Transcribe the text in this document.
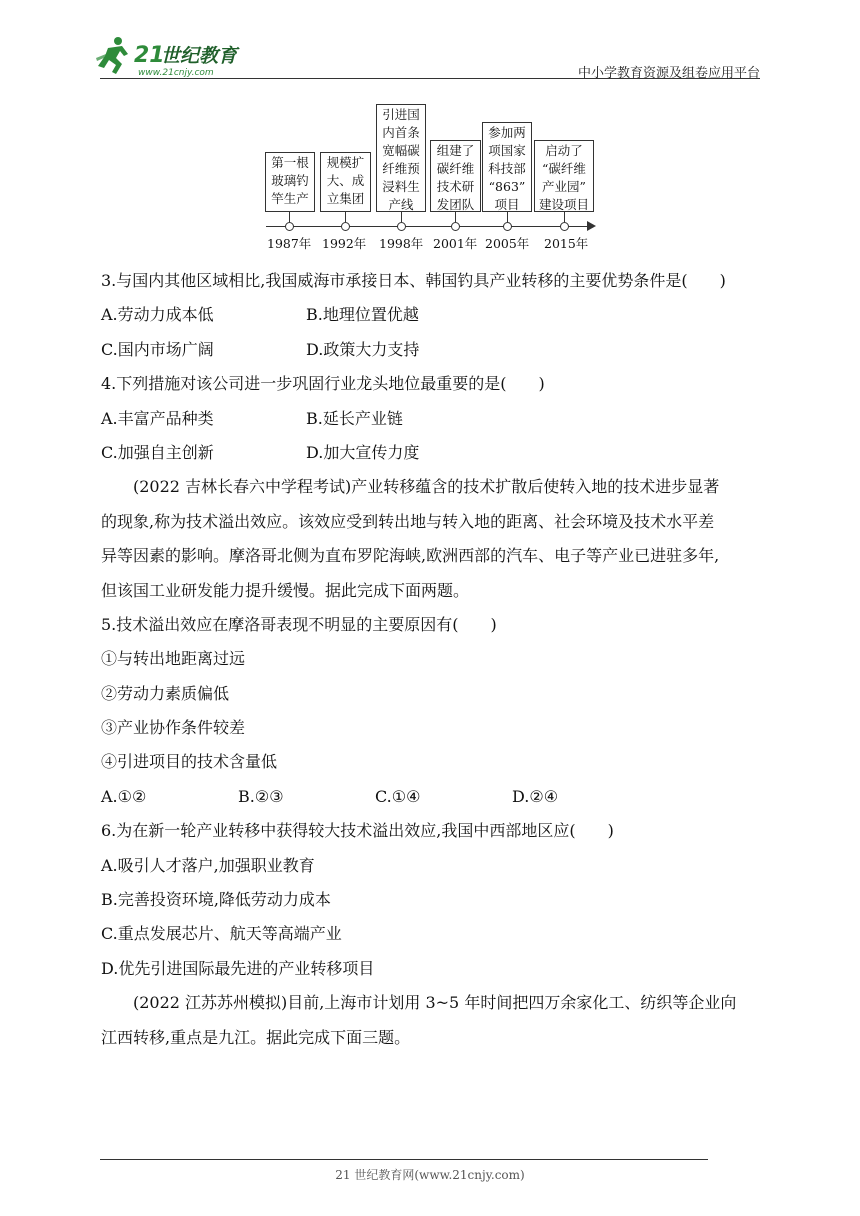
21
世纪教育
www.21cnjy.com	中小学教育资源及组卷应用平台
第一根
玻璃钓
竿生产
规模扩
大、成
立集团
引进国
内首条
宽幅碳
纤维预
浸料生
产线
组建了
碳纤维
技术研
发团队
参加两
项国家
科技部
“863”
项目
启动了
“碳纤维
产业园”
建设项目
1987年 1992年 1998年 2001年 2005年 2015年
3.与国内其他区域相比,我国威海市承接日本、韩国钓具产业转移的主要优势条件是(　　)
A.劳动力成本低	B.地理位置优越
C.国内市场广阔	D.政策大力支持
4.下列措施对该公司进一步巩固行业龙头地位最重要的是(　　)
A.丰富产品种类	B.延长产业链
C.加强自主创新	D.加大宣传力度
(2022 吉林长春六中学程考试)产业转移蕴含的技术扩散后使转入地的技术进步显著
的现象,称为技术溢出效应。该效应受到转出地与转入地的距离、社会环境及技术水平差
异等因素的影响。摩洛哥北侧为直布罗陀海峡,欧洲西部的汽车、电子等产业已进驻多年,
但该国工业研发能力提升缓慢。据此完成下面两题。
5.技术溢出效应在摩洛哥表现不明显的主要原因有(　　)
①与转出地距离过远
②劳动力素质偏低
③产业协作条件较差
④引进项目的技术含量低
A.①②	B.②③	C.①④	D.②④
6.为在新一轮产业转移中获得较大技术溢出效应,我国中西部地区应(　　)
A.吸引人才落户,加强职业教育
B.完善投资环境,降低劳动力成本
C.重点发展芯片、航天等高端产业
D.优先引进国际最先进的产业转移项目
(2022 江苏苏州模拟)目前,上海市计划用 3~5 年时间把四万余家化工、纺织等企业向
江西转移,重点是九江。据此完成下面三题。
21 世纪教育网(www.21cnjy.com)
